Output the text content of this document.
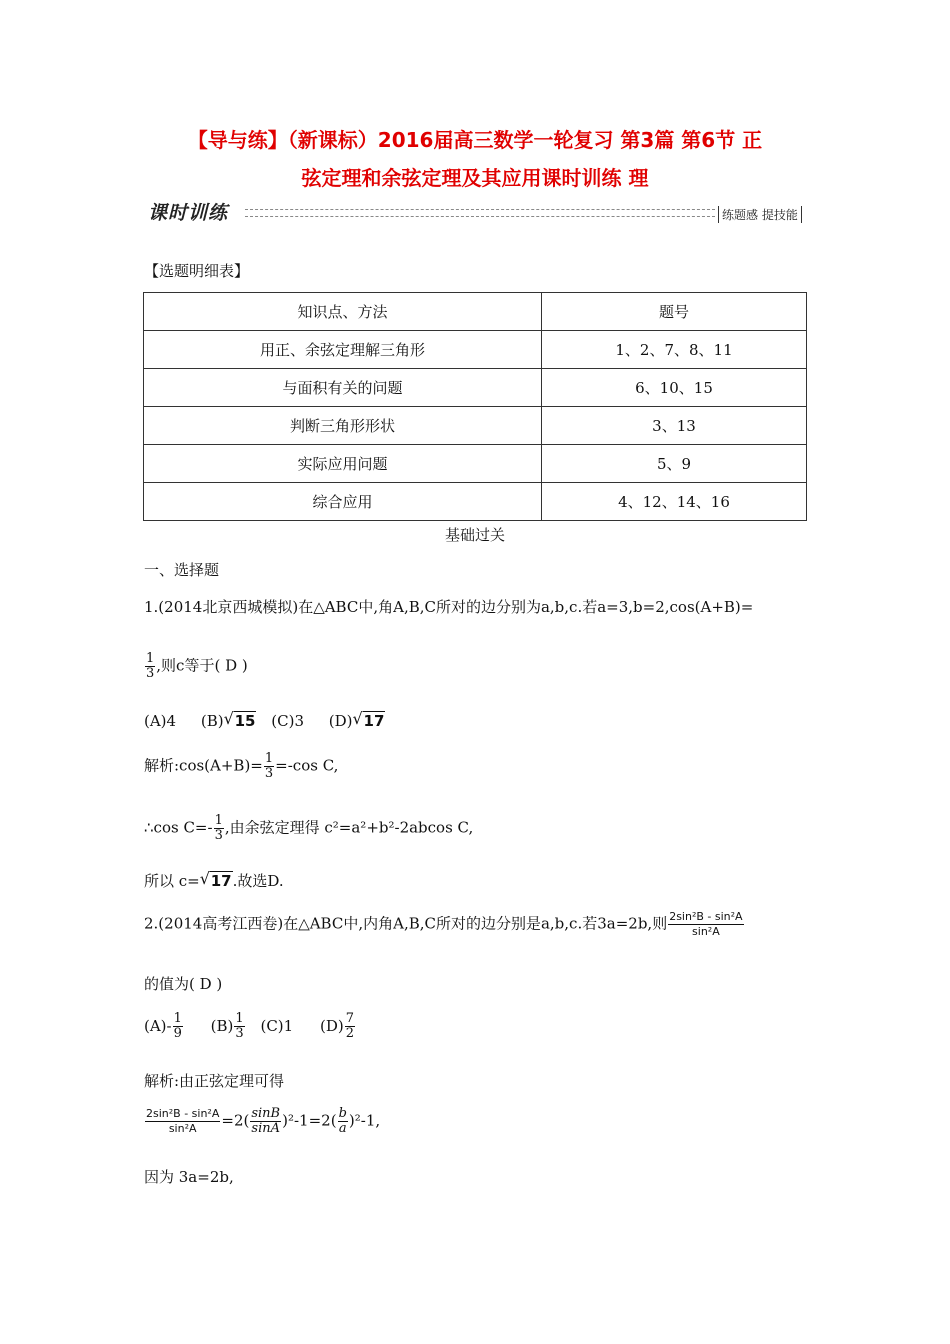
【导与练】（新课标）2016届高三数学一轮复习 第3篇 第6节 正
弦定理和余弦定理及其应用课时训练 理
课时训练	练题感 提技能
【选题明细表】
知识点、方法	题号
用正、余弦定理解三角形	1、2、7、8、11
与面积有关的问题	6、10、15
判断三角形形状	3、13
实际应用问题	5、9
综合应用	4、12、14、16
基础过关
一、选择题
1.(2014北京西城模拟)在△ABC中,角A,B,C所对的边分别为a,b,c.若a=3,b=2,cos(A+B)=
$\frac{1}{3}$ ,则c等于( D )
(A)4 (B) √ 15 (C)3 (D) √ 17
解析:cos(A+B)= $\frac{1}{3} =-\cos$ C,
∴cos $C=- \frac{1}{3}$ ,由余弦定理得 c²=a²+b²-2abcos C,
所以 c= √ 17.故选D.
2.(2014高考江西卷)在△ABC中,内角A,B,C所对的边分别是a,b,c.若3a=2b,则 $\frac{\text{2sin²B - sin²A}}{\text{sin²A}}$
的值为( D )
$(A)- \frac{1}{9} (B) \frac{1}{3} (C)1$ $(D) \frac{7}{2}$
解析:由正弦定理可得
$\frac{\text{2sin²B - sin²A}}{\text{sin²A}} =2( \frac{\sin B}{\sin A} )^2-1=2( \frac{b}{a} )^2-1$,
因为 3a=2b,
